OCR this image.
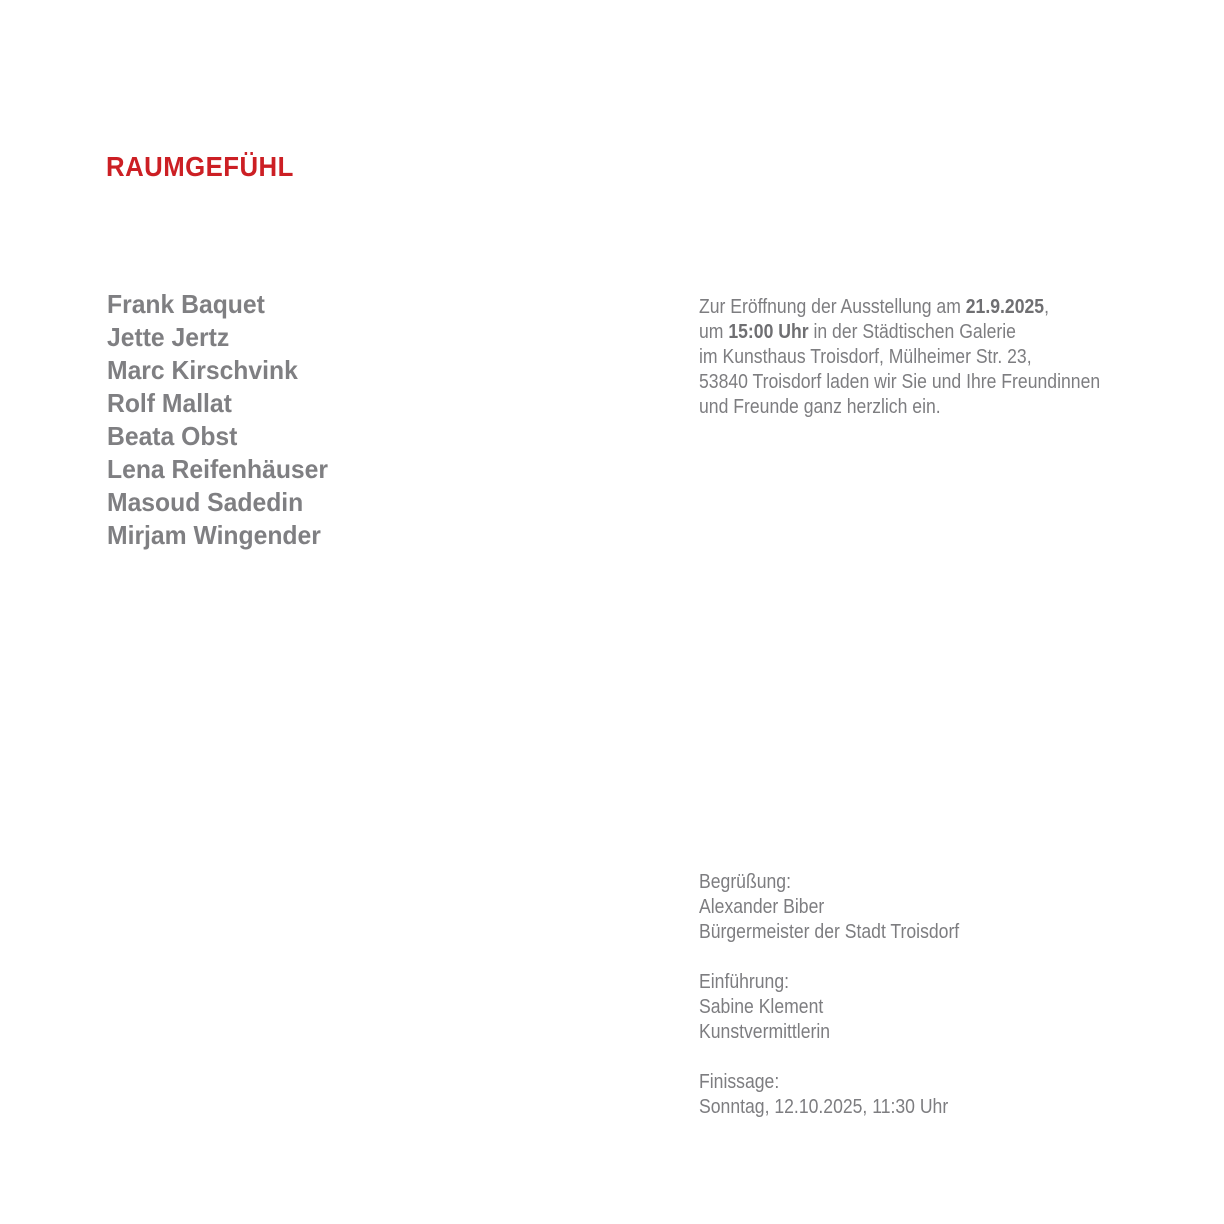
RAUMGEFÜHL
Frank Baquet
Jette Jertz
Marc Kirschvink
Rolf Mallat
Beata Obst
Lena Reifenhäuser
Masoud Sadedin
Mirjam Wingender
Zur Eröffnung der Ausstellung am 21.9.2025,
um 15:00 Uhr in der Städtischen Galerie
im Kunsthaus Troisdorf, Mülheimer Str. 23,
53840 Troisdorf laden wir Sie und Ihre Freundinnen
und Freunde ganz herzlich ein.
Begrüßung:
Alexander Biber
Bürgermeister der Stadt Troisdorf
Einführung:
Sabine Klement
Kunstvermittlerin
Finissage:
Sonntag, 12.10.2025, 11:30 Uhr
